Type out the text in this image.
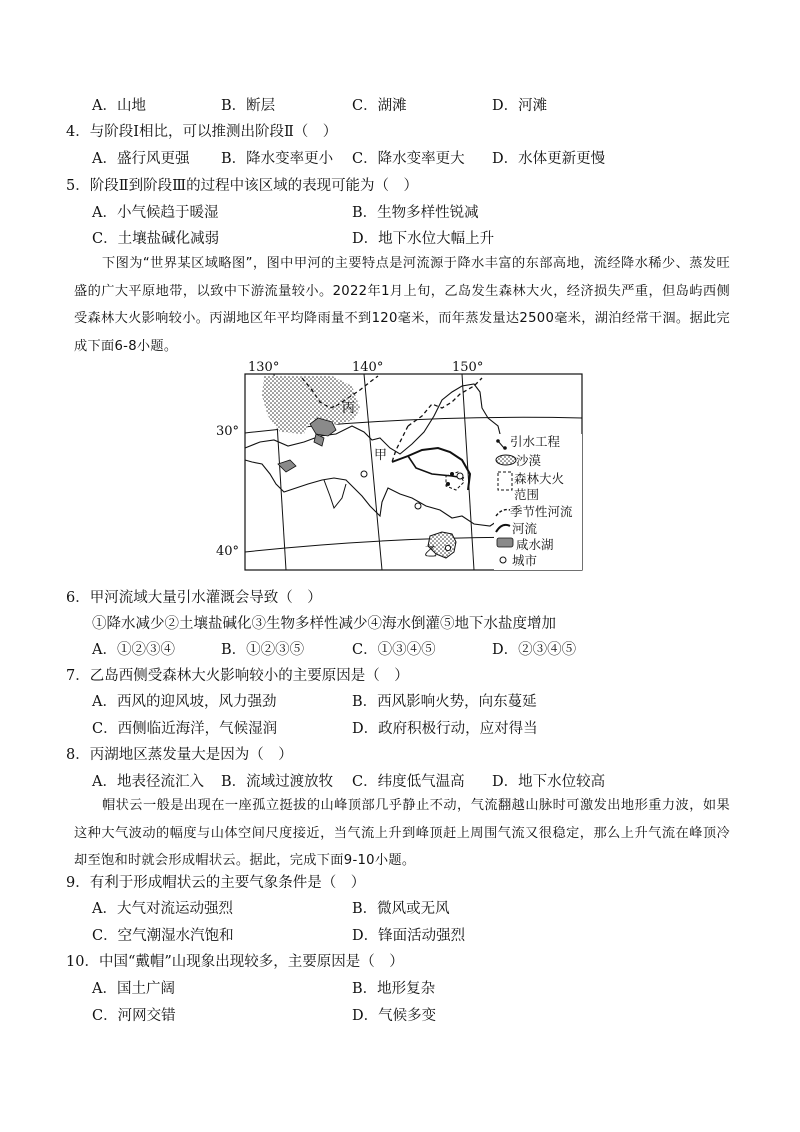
A．山地	B．断层	C．湖滩	D．河滩
4．与阶段Ⅰ相比，可以推测出阶段Ⅱ（　）
A．盛行风更强 B．降水变率更小 C．降水变率更大 D．水体更新更慢
5．阶段Ⅱ到阶段Ⅲ的过程中该区域的表现可能为（　）
A．小气候趋于暖湿	B．生物多样性锐减
C．土壤盐碱化减弱	D．地下水位大幅上升
下图为“世界某区域略图”，图中甲河的主要特点是河流源于降水丰富的东部高地，流经降水稀少、蒸发旺盛的广大平原地带，以致中下游流量较小。2022年1月上旬，乙岛发生森林大火，经济损失严重，但岛屿西侧受森林大火影响较小。丙湖地区年平均降雨量不到120毫米，而年蒸发量达2500毫米，湖泊经常干涸。据此完成下面6-8小题。
130°	140°	150°
30°
40°
丙
甲
乙
引水工程
沙漠
森林大火
范围
季节性河流
河流
咸水湖
城市
6．甲河流域大量引水灌溉会导致（　）
①降水减少②土壤盐碱化③生物多样性减少④海水倒灌⑤地下水盐度增加
A．①②③④	B．①②③⑤	C．①③④⑤	D．②③④⑤
7．乙岛西侧受森林大火影响较小的主要原因是（　）
A．西风的迎风坡，风力强劲	B．西风影响火势，向东蔓延
C．西侧临近海洋，气候湿润	D．政府积极行动，应对得当
8．丙湖地区蒸发量大是因为（　）
A．地表径流汇入 B．流域过渡放牧 C．纬度低气温高 D．地下水位较高
帽状云一般是出现在一座孤立挺拔的山峰顶部几乎静止不动，气流翻越山脉时可激发出地形重力波，如果这种大气波动的幅度与山体空间尺度接近，当气流上升到峰顶赶上周围气流又很稳定，那么上升气流在峰顶冷却至饱和时就会形成帽状云。据此，完成下面9-10小题。
9．有利于形成帽状云的主要气象条件是（　）
A．大气对流运动强烈	B．微风或无风
C．空气潮湿水汽饱和	D．锋面活动强烈
10．中国“戴帽”山现象出现较多，主要原因是（　）
A．国土广阔	B．地形复杂
C．河网交错	D．气候多变
